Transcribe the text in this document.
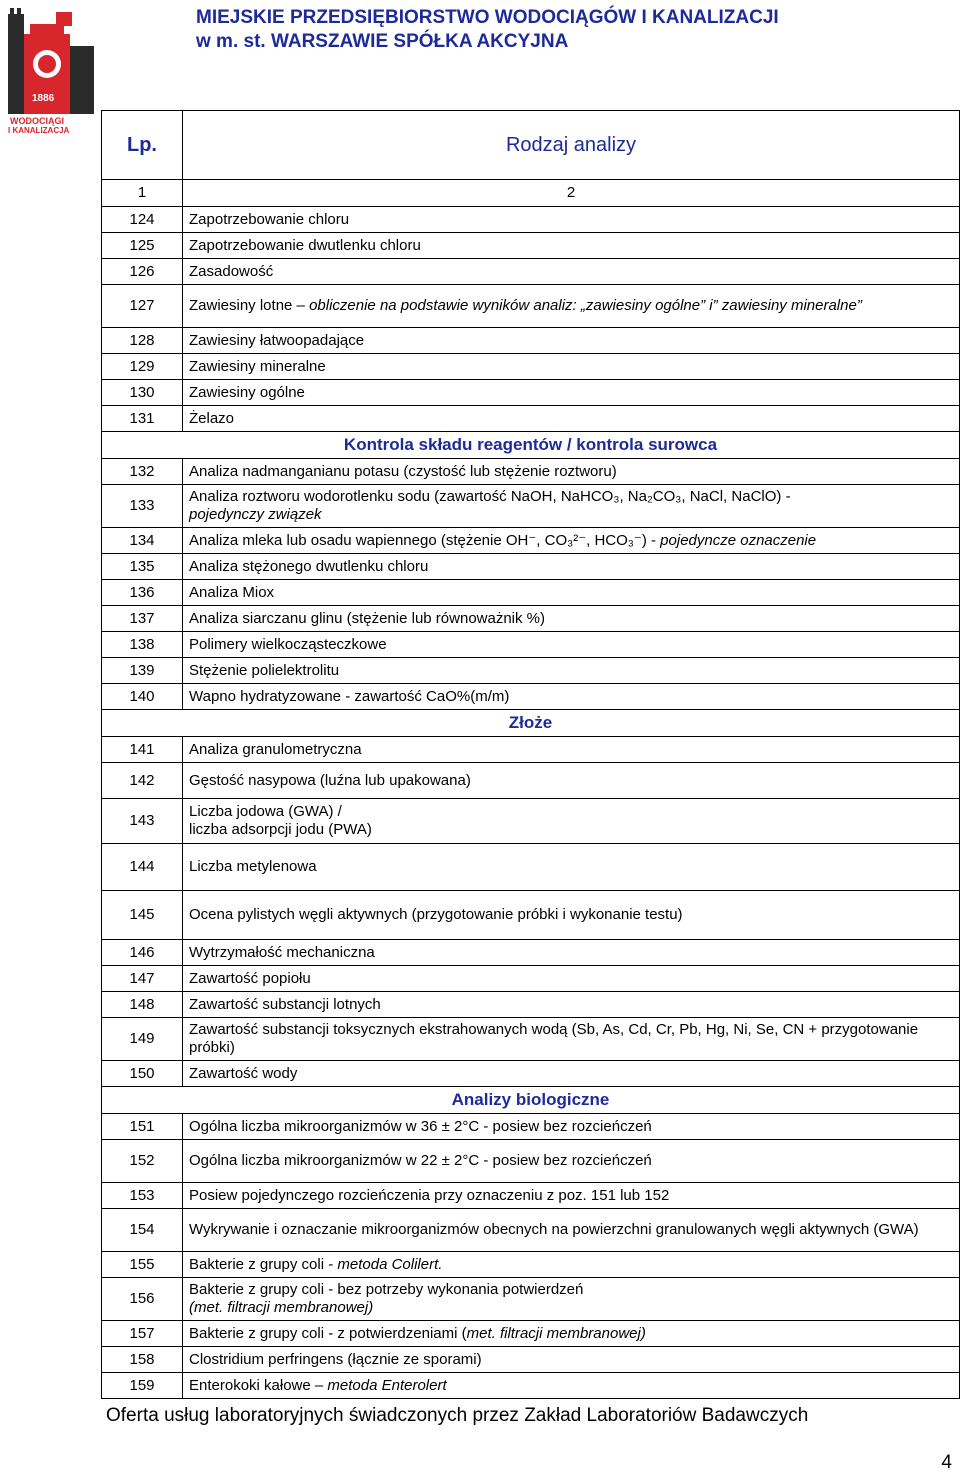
1886
WODOCIĄGI
I KANALIZACJA
MIEJSKIE PRZEDSIĘBIORSTWO WODOCIĄGÓW I KANALIZACJI
w m. st. WARSZAWIE SPÓŁKA AKCYJNA
Lp.	Rodzaj analizy
1	2
124	Zapotrzebowanie chloru
125	Zapotrzebowanie dwutlenku chloru
126	Zasadowość
127	Zawiesiny lotne – obliczenie na podstawie wyników analiz: „zawiesiny ogólne” i” zawiesiny mineralne”
128	Zawiesiny łatwoopadające
129	Zawiesiny mineralne
130	Zawiesiny ogólne
131	Żelazo
Kontrola składu reagentów / kontrola surowca	
132	Analiza nadmanganianu potasu (czystość lub stężenie roztworu)
133	Analiza roztworu wodorotlenku sodu (zawartość NaOH, NaHCO₃, Na₂CO₃, NaCl, NaClO) -
pojedynczy związek

134	Analiza mleka lub osadu wapiennego (stężenie OH⁻, CO₃²⁻, HCO₃⁻) - pojedyncze oznaczenie
135	Analiza stężonego dwutlenku chloru
136	Analiza Miox
137	Analiza siarczanu glinu (stężenie lub równoważnik %)
138	Polimery wielkocząsteczkowe
139	Stężenie polielektrolitu
140	Wapno hydratyzowane - zawartość CaO%(m/m)
Złoże	
141	Analiza granulometryczna
142	Gęstość nasypowa (luźna lub upakowana)
143	Liczba jodowa (GWA) /
liczba adsorpcji jodu (PWA)

144	Liczba metylenowa
145	Ocena pylistych węgli aktywnych (przygotowanie próbki i wykonanie testu)
146	Wytrzymałość mechaniczna
147	Zawartość popiołu
148	Zawartość substancji lotnych
149	Zawartość substancji toksycznych ekstrahowanych wodą (Sb, As, Cd, Cr, Pb, Hg, Ni, Se, CN + przygotowanie próbki)
150	Zawartość wody
Analizy biologiczne	
151	Ogólna liczba mikroorganizmów w 36 ± 2°C - posiew bez rozcieńczeń
152	Ogólna liczba mikroorganizmów w 22 ± 2°C - posiew bez rozcieńczeń
153	Posiew pojedynczego rozcieńczenia przy oznaczeniu z poz. 151 lub 152
154	Wykrywanie i oznaczanie mikroorganizmów obecnych na powierzchni granulowanych węgli aktywnych (GWA)
155	Bakterie z grupy coli - metoda Colilert.
156	Bakterie z grupy coli - bez potrzeby wykonania potwierdzeń
(met. filtracji membranowej)

157	Bakterie z grupy coli - z potwierdzeniami (met. filtracji membranowej)
158	Clostridium perfringens (łącznie ze sporami)
159	Enterokoki kałowe – metoda Enterolert
Oferta usług laboratoryjnych świadczonych przez Zakład Laboratoriów Badawczych
4
